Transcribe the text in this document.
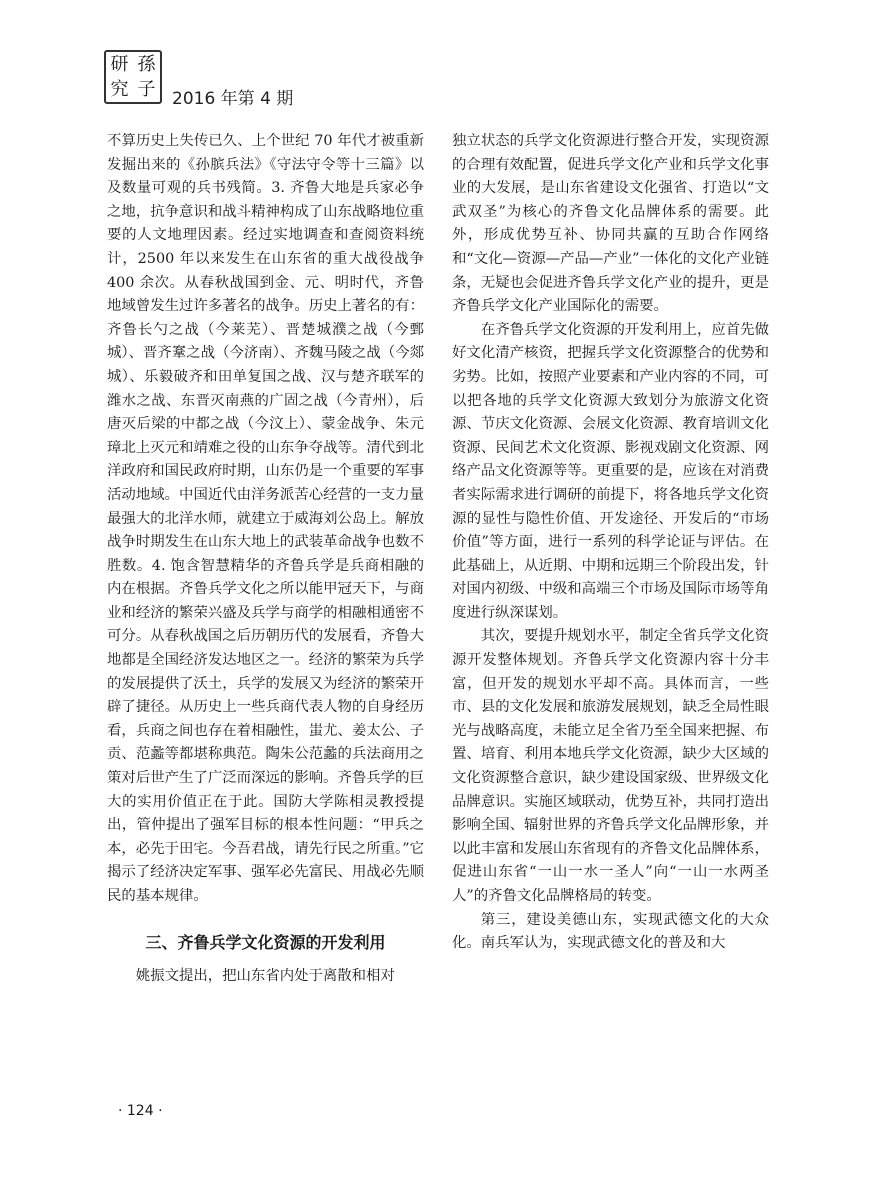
研 孫
究 子 2016 年第 4 期

不算历史上失传已久、上个世纪 70 年代才被重新发掘出来的《孙膑兵法》《守法守令等十三篇》以及数量可观的兵书残简。3. 齐鲁大地是兵家必争之地，抗争意识和战斗精神构成了山东战略地位重要的人文地理因素。经过实地调查和查阅资料统计，2500 年以来发生在山东省的重大战役战争 400 余次。从春秋战国到金、元、明时代，齐鲁地域曾发生过许多著名的战争。历史上著名的有：齐鲁长勺之战（今莱芜）、晋楚城濮之战（今鄄城）、晋齐鞌之战（今济南）、齐魏马陵之战（今郯城）、乐毅破齐和田单复国之战、汉与楚齐联军的潍水之战、东晋灭南燕的广固之战（今青州），后唐灭后梁的中都之战（今汶上）、蒙金战争、朱元璋北上灭元和靖难之役的山东争夺战等。清代到北洋政府和国民政府时期，山东仍是一个重要的军事活动地域。中国近代由洋务派苦心经营的一支力量最强大的北洋水师，就建立于威海刘公岛上。解放战争时期发生在山东大地上的武装革命战争也数不胜数。4. 饱含智慧精华的齐鲁兵学是兵商相融的内在根据。齐鲁兵学文化之所以能甲冠天下，与商业和经济的繁荣兴盛及兵学与商学的相融相通密不可分。从春秋战国之后历朝历代的发展看，齐鲁大地都是全国经济发达地区之一。经济的繁荣为兵学的发展提供了沃土，兵学的发展又为经济的繁荣开辟了捷径。从历史上一些兵商代表人物的自身经历看，兵商之间也存在着相融性，蚩尤、姜太公、子贡、范蠡等都堪称典范。陶朱公范蠡的兵法商用之策对后世产生了广泛而深远的影响。齐鲁兵学的巨大的实用价值正在于此。国防大学陈相灵教授提出，管仲提出了强军目标的根本性问题：“甲兵之本，必先于田宅。今吾君战，请先行民之所重。”它揭示了经济决定军事、强军必先富民、用战必先顺民的基本规律。

三、齐鲁兵学文化资源的开发利用

姚振文提出，把山东省内处于离散和相对

独立状态的兵学文化资源进行整合开发，实现资源的合理有效配置，促进兵学文化产业和兵学文化事业的大发展，是山东省建设文化强省、打造以“文武双圣”为核心的齐鲁文化品牌体系的需要。此外，形成优势互补、协同共赢的互助合作网络和“文化—资源—产品—产业”一体化的文化产业链条，无疑也会促进齐鲁兵学文化产业的提升，更是齐鲁兵学文化产业国际化的需要。

在齐鲁兵学文化资源的开发利用上，应首先做好文化清产核资，把握兵学文化资源整合的优势和劣势。比如，按照产业要素和产业内容的不同，可以把各地的兵学文化资源大致划分为旅游文化资源、节庆文化资源、会展文化资源、教育培训文化资源、民间艺术文化资源、影视戏剧文化资源、网络产品文化资源等等。更重要的是，应该在对消费者实际需求进行调研的前提下，将各地兵学文化资源的显性与隐性价值、开发途径、开发后的“市场价值”等方面，进行一系列的科学论证与评估。在此基础上，从近期、中期和远期三个阶段出发，针对国内初级、中级和高端三个市场及国际市场等角度进行纵深谋划。

其次，要提升规划水平，制定全省兵学文化资源开发整体规划。齐鲁兵学文化资源内容十分丰富，但开发的规划水平却不高。具体而言，一些市、县的文化发展和旅游发展规划，缺乏全局性眼光与战略高度，未能立足全省乃至全国来把握、布置、培育、利用本地兵学文化资源，缺少大区域的文化资源整合意识，缺少建设国家级、世界级文化品牌意识。实施区域联动，优势互补，共同打造出影响全国、辐射世界的齐鲁兵学文化品牌形象，并以此丰富和发展山东省现有的齐鲁文化品牌体系，促进山东省“一山一水一圣人”向“一山一水两圣人”的齐鲁文化品牌格局的转变。

第三，建设美德山东，实现武德文化的大众化。南兵军认为，实现武德文化的普及和大

· 124 ·
